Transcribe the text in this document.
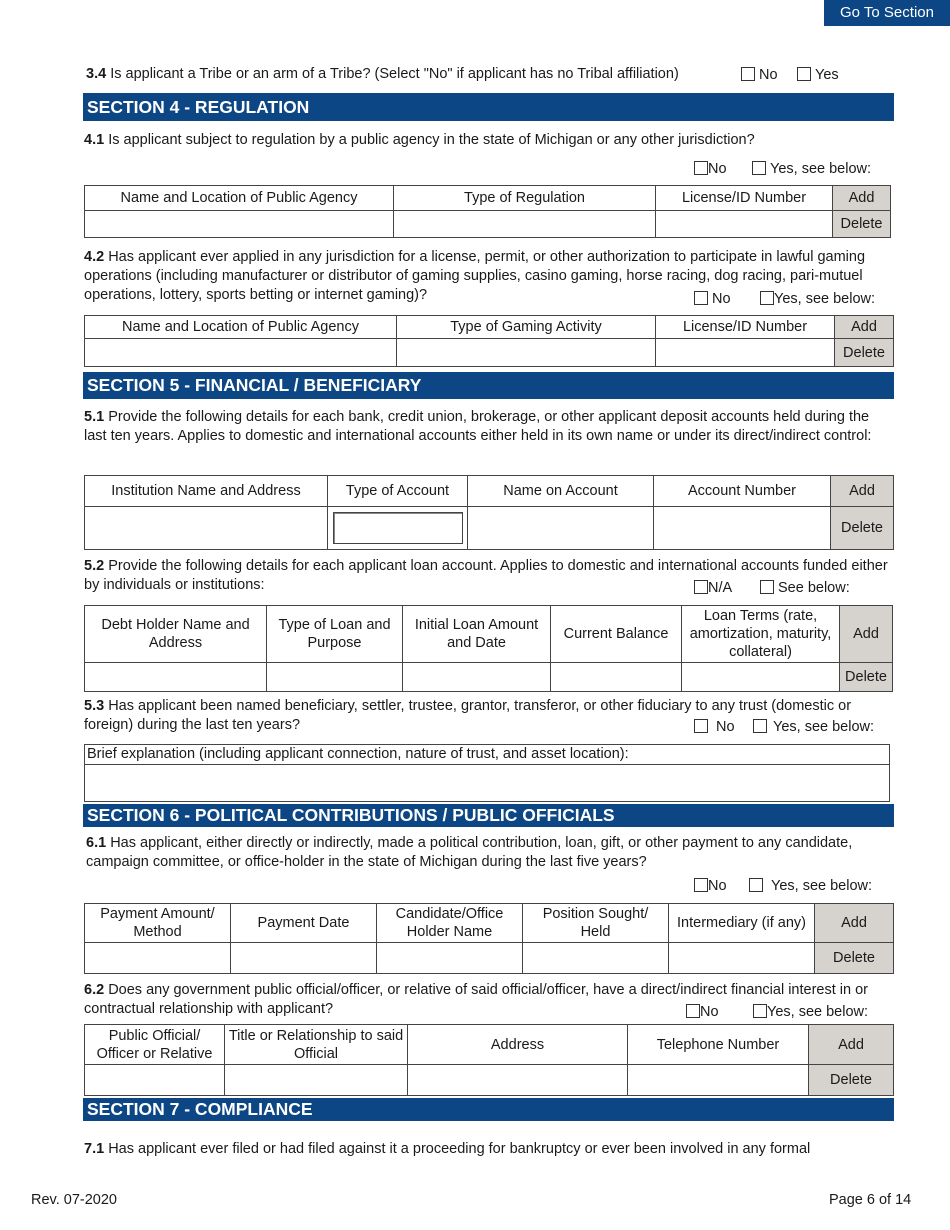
Go To Section
3.4 Is applicant a Tribe or an arm of a Tribe? (Select "No" if applicant has no Tribal affiliation)	No	Yes
SECTION 4 - REGULATION
4.1 Is applicant subject to regulation by a public agency in the state of Michigan or any other jurisdiction?
No	Yes, see below:
Name and Location of Public Agency	Type of Regulation	License/ID Number	Add
			Delete
4.2 Has applicant ever applied in any jurisdiction for a license, permit, or other authorization to participate in lawful gaming operations (including manufacturer or distributor of gaming supplies, casino gaming, horse racing, dog racing, pari-mutuel operations, lottery, sports betting or internet gaming)?	No	Yes, see below:
Name and Location of Public Agency	Type of Gaming Activity	License/ID Number	Add
			Delete
SECTION 5 - FINANCIAL / BENEFICIARY
5.1 Provide the following details for each bank, credit union, brokerage, or other applicant deposit accounts held during the last ten years. Applies to domestic and international accounts either held in its own name or under its direct/indirect control:
Institution Name and Address	Type of Account	Name on Account	Account Number	Add

			Delete
5.2 Provide the following details for each applicant loan account. Applies to domestic and international accounts funded either by individuals or institutions:	N/A	See below:
Debt Holder Name and Address	Type of Loan and Purpose	Initial Loan Amount and Date	Current Balance	Loan Terms (rate, amortization, maturity, collateral)	Add
					Delete
5.3 Has applicant been named beneficiary, settler, trustee, grantor, transferor, or other fiduciary to any trust (domestic or foreign) during the last ten years?	No	Yes, see below:
Brief explanation (including applicant connection, nature of trust, and asset location):
SECTION 6 - POLITICAL CONTRIBUTIONS / PUBLIC OFFICIALS
6.1 Has applicant, either directly or indirectly, made a political contribution, loan, gift, or other payment to any candidate, campaign committee, or office-holder in the state of Michigan during the last five years?
No	Yes, see below:
Payment Amount/ Method	Payment Date	Candidate/Office Holder Name	Position Sought/ Held	Intermediary (if any)	Add
					Delete
6.2 Does any government public official/officer, or relative of said official/officer, have a direct/indirect financial interest in or contractual relationship with applicant?	No	Yes, see below:
Public Official/ Officer or Relative	Title or Relationship to said Official	Address	Telephone Number	Add
				Delete
SECTION 7 - COMPLIANCE
7.1 Has applicant ever filed or had filed against it a proceeding for bankruptcy or ever been involved in any formal
Rev. 07-2020	Page 6 of 14
